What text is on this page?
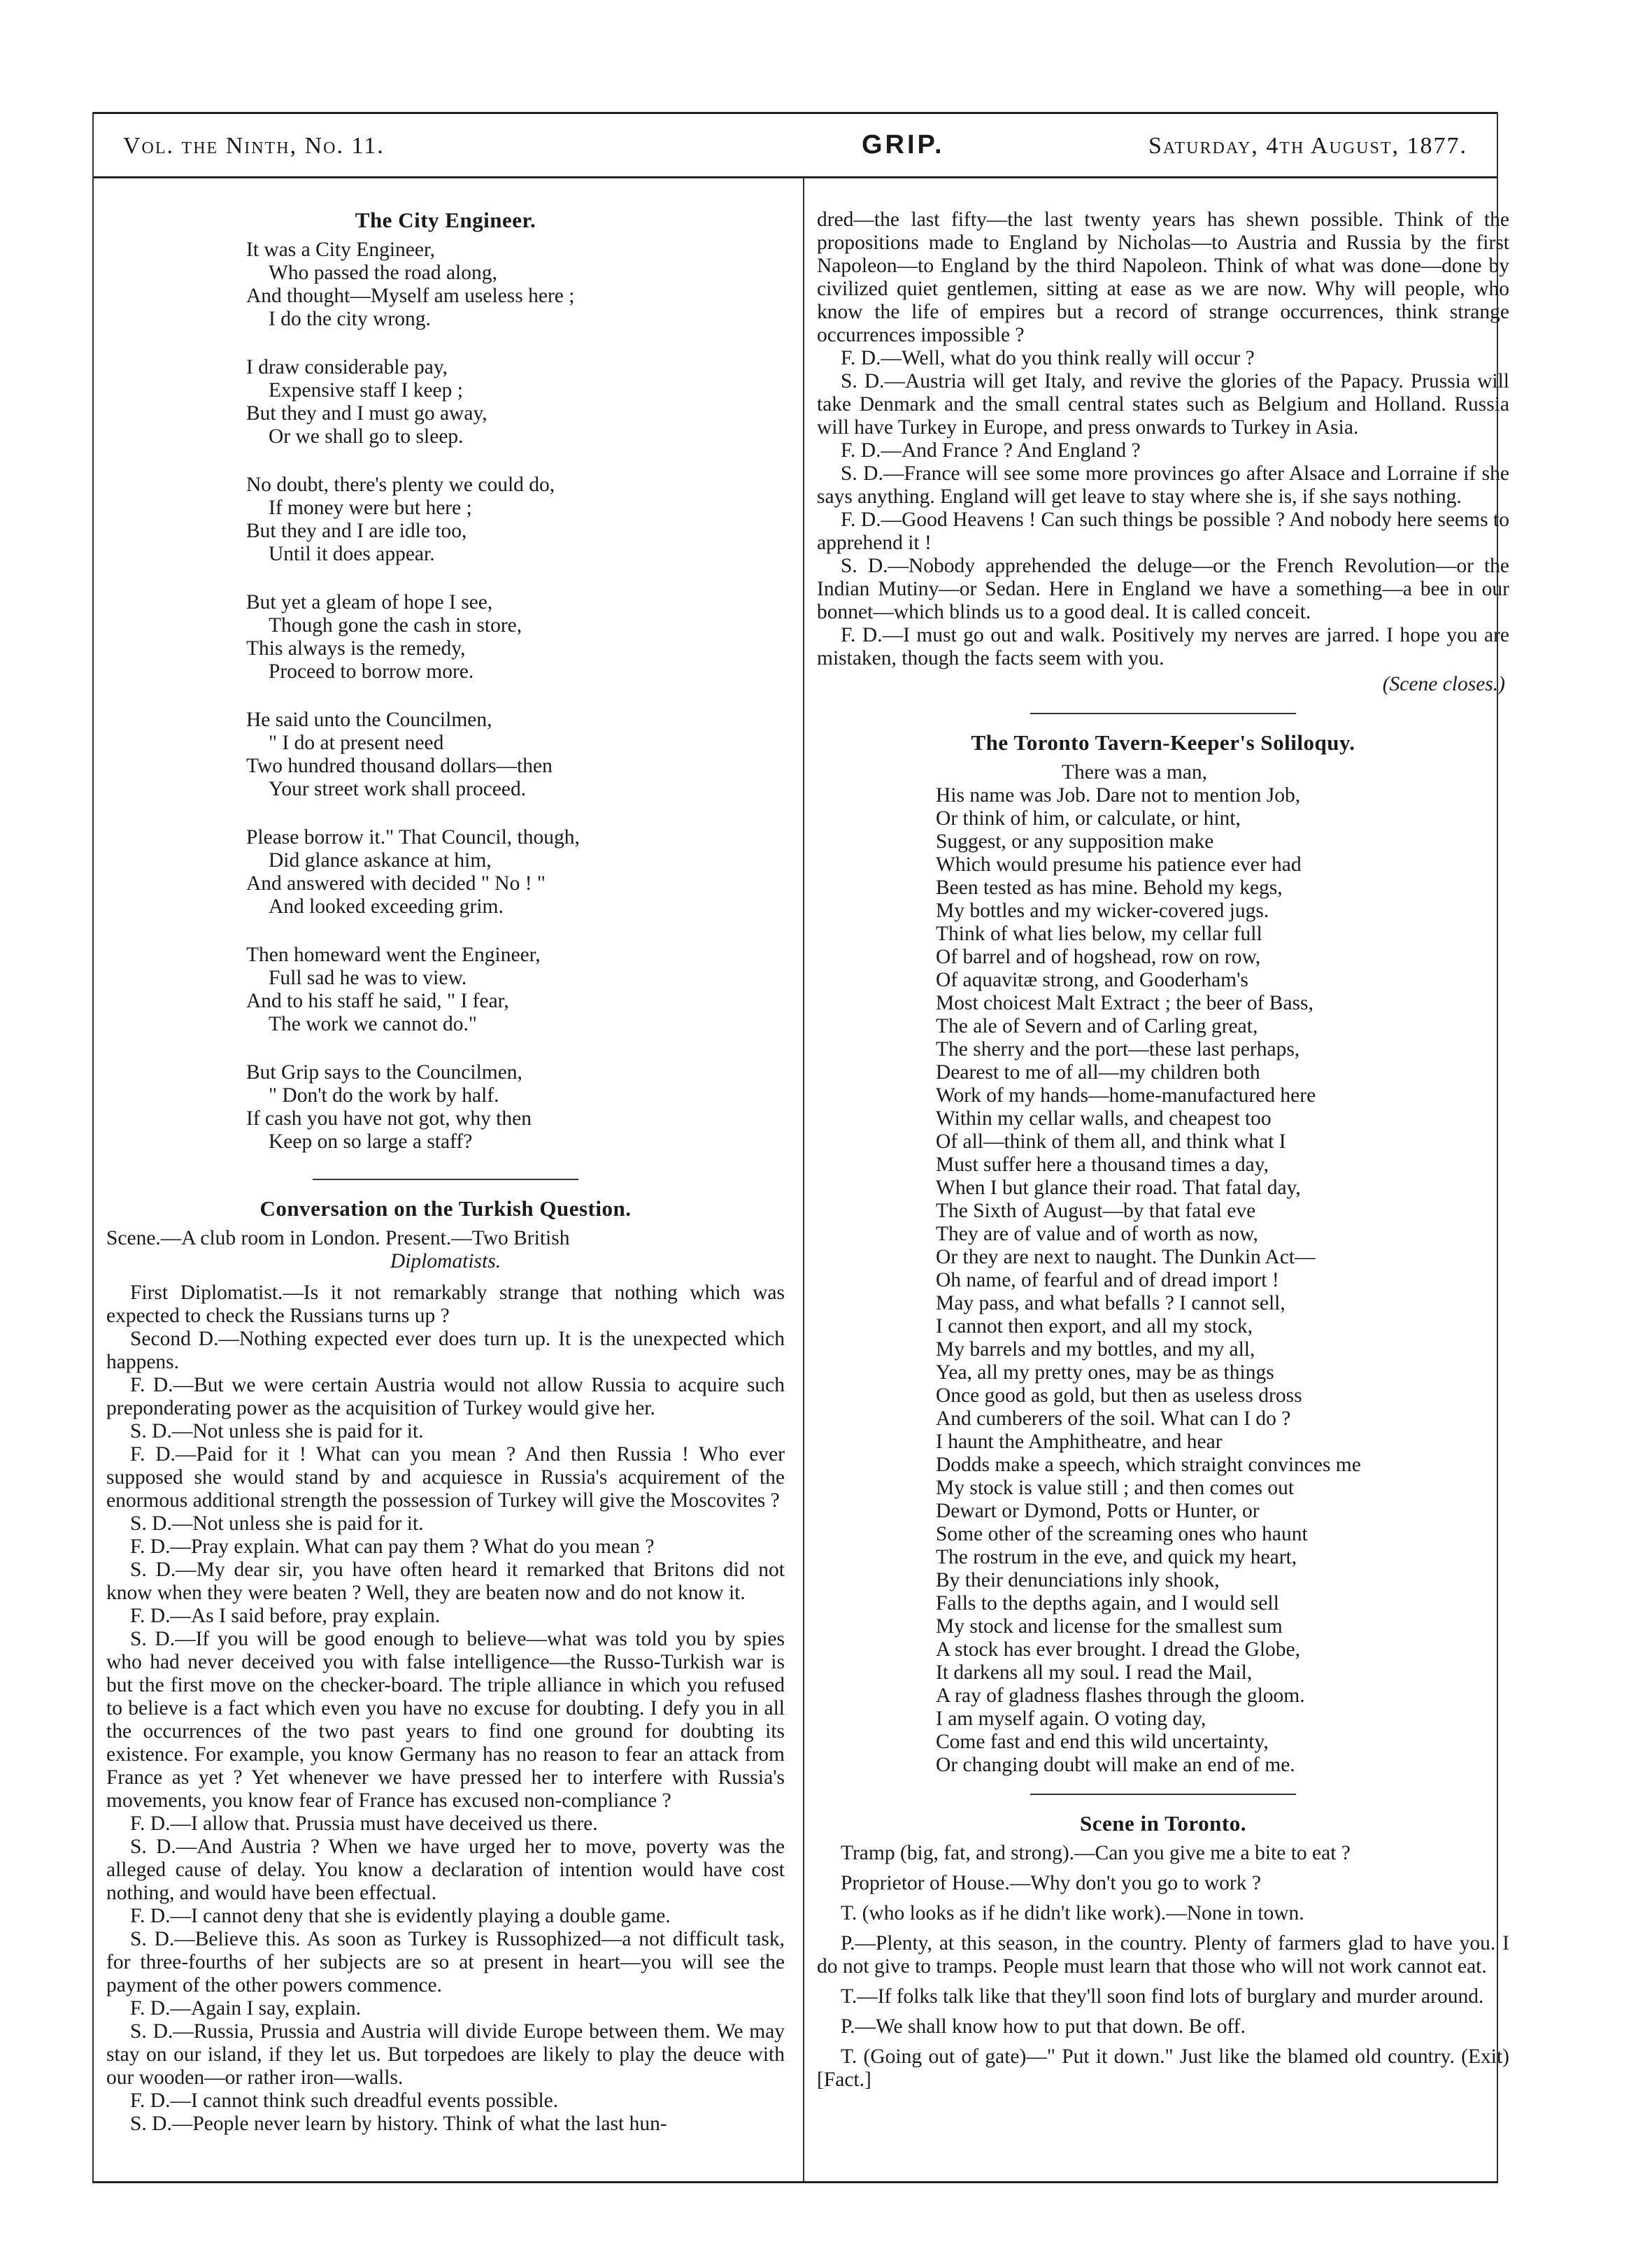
Vol. the Ninth, No. 11.	GRIP.	Saturday, 4th August, 1877.
The City Engineer.
It was a City Engineer,
Who passed the road along,
And thought—Myself am useless here ;
I do the city wrong.
I draw considerable pay,
Expensive staff I keep ;
But they and I must go away,
Or we shall go to sleep.
No doubt, there's plenty we could do,
If money were but here ;
But they and I are idle too,
Until it does appear.
But yet a gleam of hope I see,
Though gone the cash in store,
This always is the remedy,
Proceed to borrow more.
He said unto the Councilmen,
" I do at present need
Two hundred thousand dollars—then
Your street work shall proceed.
Please borrow it." That Council, though,
Did glance askance at him,
And answered with decided " No ! "
And looked exceeding grim.
Then homeward went the Engineer,
Full sad he was to view.
And to his staff he said, " I fear,
The work we cannot do."
But Grip says to the Councilmen,
" Don't do the work by half.
If cash you have not got, why then
Keep on so large a staff?
Conversation on the Turkish Question.
Scene.—A club room in London. Present.—Two British
Diplomatists.

First Diplomatist.—Is it not remarkably strange that nothing which was expected to check the Russians turns up ?

Second D.—Nothing expected ever does turn up. It is the unexpected which happens.

F. D.—But we were certain Austria would not allow Russia to acquire such preponderating power as the acquisition of Turkey would give her.

S. D.—Not unless she is paid for it.

F. D.—Paid for it ! What can you mean ? And then Russia ! Who ever supposed she would stand by and acquiesce in Russia's acquirement of the enormous additional strength the possession of Turkey will give the Moscovites ?

S. D.—Not unless she is paid for it.

F. D.—Pray explain. What can pay them ? What do you mean ?

S. D.—My dear sir, you have often heard it remarked that Britons did not know when they were beaten ? Well, they are beaten now and do not know it.

F. D.—As I said before, pray explain.

S. D.—If you will be good enough to believe—what was told you by spies who had never deceived you with false intelligence—the Russo-Turkish war is but the first move on the checker-board. The triple alliance in which you refused to believe is a fact which even you have no excuse for doubting. I defy you in all the occurrences of the two past years to find one ground for doubting its existence. For example, you know Germany has no reason to fear an attack from France as yet ? Yet whenever we have pressed her to interfere with Russia's movements, you know fear of France has excused non-compliance ?

F. D.—I allow that. Prussia must have deceived us there.

S. D.—And Austria ? When we have urged her to move, poverty was the alleged cause of delay. You know a declaration of intention would have cost nothing, and would have been effectual.

F. D.—I cannot deny that she is evidently playing a double game.

S. D.—Believe this. As soon as Turkey is Russophized—a not difficult task, for three-fourths of her subjects are so at present in heart—you will see the payment of the other powers commence.

F. D.—Again I say, explain.

S. D.—Russia, Prussia and Austria will divide Europe between them. We may stay on our island, if they let us. But torpedoes are likely to play the deuce with our wooden—or rather iron—walls.

F. D.—I cannot think such dreadful events possible.

S. D.—People never learn by history. Think of what the last hun-

dred—the last fifty—the last twenty years has shewn possible. Think of the propositions made to England by Nicholas—to Austria and Russia by the first Napoleon—to England by the third Napoleon. Think of what was done—done by civilized quiet gentlemen, sitting at ease as we are now. Why will people, who know the life of empires but a record of strange occurrences, think strange occurrences impossible ?

F. D.—Well, what do you think really will occur ?

S. D.—Austria will get Italy, and revive the glories of the Papacy. Prussia will take Denmark and the small central states such as Belgium and Holland. Russia will have Turkey in Europe, and press onwards to Turkey in Asia.

F. D.—And France ? And England ?

S. D.—France will see some more provinces go after Alsace and Lorraine if she says anything. England will get leave to stay where she is, if she says nothing.

F. D.—Good Heavens ! Can such things be possible ? And nobody here seems to apprehend it !

S. D.—Nobody apprehended the deluge—or the French Revolution—or the Indian Mutiny—or Sedan. Here in England we have a something—a bee in our bonnet—which blinds us to a good deal. It is called conceit.

F. D.—I must go out and walk. Positively my nerves are jarred. I hope you are mistaken, though the facts seem with you.

(Scene closes.)
The Toronto Tavern-Keeper's Soliloquy.
There was a man,
His name was Job. Dare not to mention Job,
Or think of him, or calculate, or hint,
Suggest, or any supposition make
Which would presume his patience ever had
Been tested as has mine. Behold my kegs,
My bottles and my wicker-covered jugs.
Think of what lies below, my cellar full
Of barrel and of hogshead, row on row,
Of aquavitæ strong, and Gooderham's
Most choicest Malt Extract ; the beer of Bass,
The ale of Severn and of Carling great,
The sherry and the port—these last perhaps,
Dearest to me of all—my children both
Work of my hands—home-manufactured here
Within my cellar walls, and cheapest too
Of all—think of them all, and think what I
Must suffer here a thousand times a day,
When I but glance their road. That fatal day,
The Sixth of August—by that fatal eve
They are of value and of worth as now,
Or they are next to naught. The Dunkin Act—
Oh name, of fearful and of dread import !
May pass, and what befalls ? I cannot sell,
I cannot then export, and all my stock,
My barrels and my bottles, and my all,
Yea, all my pretty ones, may be as things
Once good as gold, but then as useless dross
And cumberers of the soil. What can I do ?
I haunt the Amphitheatre, and hear
Dodds make a speech, which straight convinces me
My stock is value still ; and then comes out
Dewart or Dymond, Potts or Hunter, or
Some other of the screaming ones who haunt
The rostrum in the eve, and quick my heart,
By their denunciations inly shook,
Falls to the depths again, and I would sell
My stock and license for the smallest sum
A stock has ever brought. I dread the Globe,
It darkens all my soul. I read the Mail,
A ray of gladness flashes through the gloom.
I am myself again. O voting day,
Come fast and end this wild uncertainty,
Or changing doubt will make an end of me.
Scene in Toronto.

Tramp (big, fat, and strong).—Can you give me a bite to eat ?

Proprietor of House.—Why don't you go to work ?

T. (who looks as if he didn't like work).—None in town.

P.—Plenty, at this season, in the country. Plenty of farmers glad to have you. I do not give to tramps. People must learn that those who will not work cannot eat.

T.—If folks talk like that they'll soon find lots of burglary and murder around.

P.—We shall know how to put that down. Be off.

T. (Going out of gate)—" Put it down." Just like the blamed old country. (Exit) [Fact.]
